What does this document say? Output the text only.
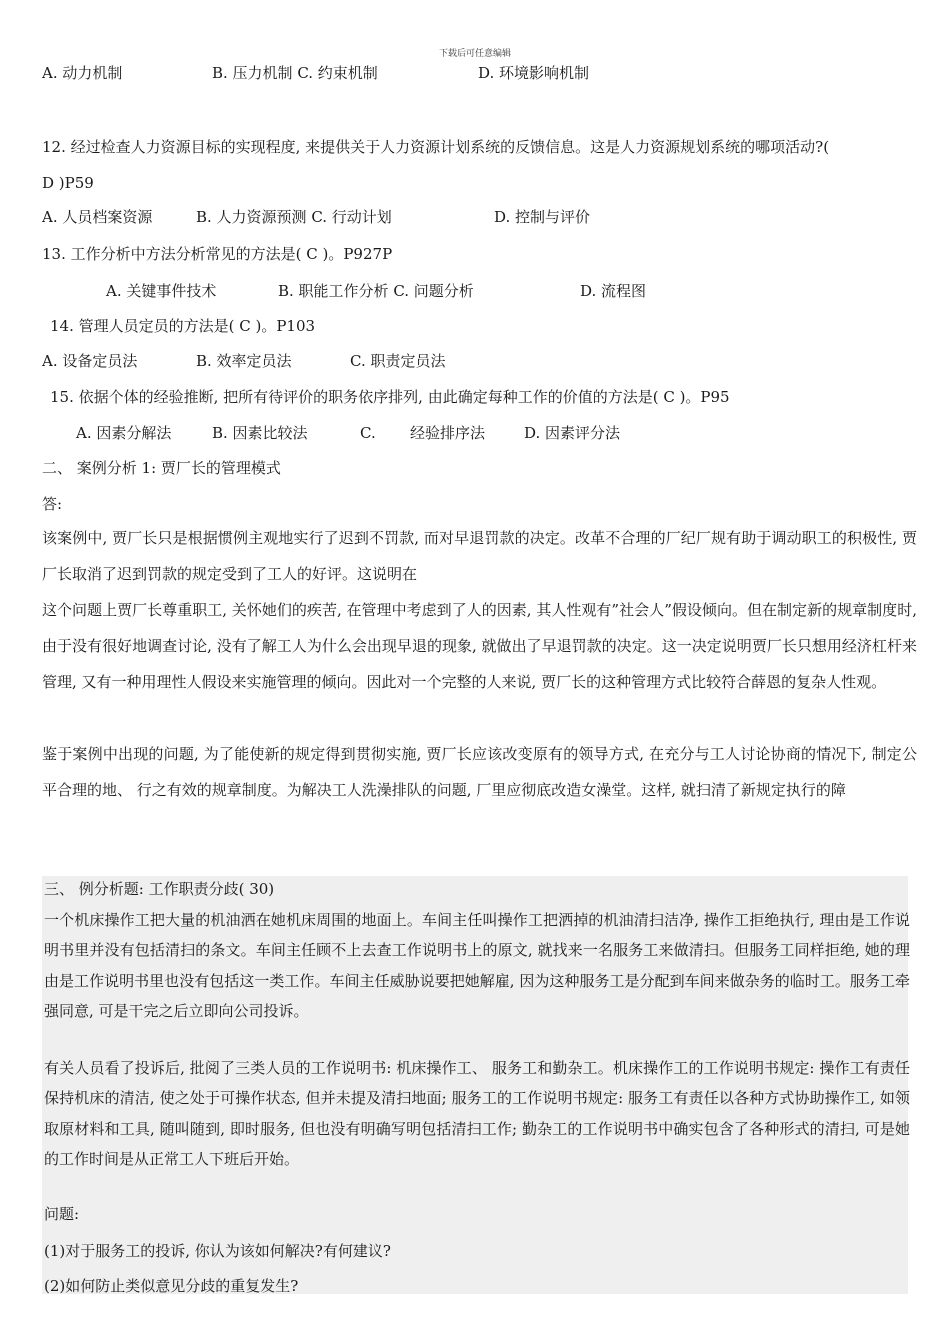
下载后可任意编辑
A. 动力机制	B. 压力机制 C. 约束机制	D. 环境影响机制
12. 经过检查人力资源目标的实现程度, 来提供关于人力资源计划系统的反馈信息。这是人力资源规划系统的哪项活动?(
D )P59
A. 人员档案资源	B. 人力资源预测 C. 行动计划	D. 控制与评价
13. 工作分析中方法分析常见的方法是( C )。P927P
A. 关键事件技术	B. 职能工作分析 C. 问题分析	D. 流程图
14. 管理人员定员的方法是( C )。P103
A. 设备定员法	B. 效率定员法	C. 职责定员法
15. 依据个体的经验推断, 把所有待评价的职务依序排列, 由此确定每种工作的价值的方法是( C )。P95
A. 因素分解法	B. 因素比较法	C. 经验排序法	D. 因素评分法
二、 案例分析 1: 贾厂长的管理模式
答:
该案例中, 贾厂长只是根据惯例主观地实行了迟到不罚款, 而对早退罚款的决定。改革不合理的厂纪厂规有助于调动职工的积极性, 贾厂长取消了迟到罚款的规定受到了工人的好评。这说明在
这个问题上贾厂长尊重职工, 关怀她们的疾苦, 在管理中考虑到了人的因素, 其人性观有”社会人”假设倾向。但在制定新的规章制度时, 由于没有很好地调查讨论, 没有了解工人为什么会出现早退的现象, 就做出了早退罚款的决定。这一决定说明贾厂长只想用经济杠杆来管理, 又有一种用理性人假设来实施管理的倾向。因此对一个完整的人来说, 贾厂长的这种管理方式比较符合薛恩的复杂人性观。
鉴于案例中出现的问题, 为了能使新的规定得到贯彻实施, 贾厂长应该改变原有的领导方式, 在充分与工人讨论协商的情况下, 制定公平合理的地、 行之有效的规章制度。为解决工人洗澡排队的问题, 厂里应彻底改造女澡堂。这样, 就扫清了新规定执行的障
三、 例分析题: 工作职责分歧( 30)
一个机床操作工把大量的机油洒在她机床周围的地面上。车间主任叫操作工把洒掉的机油清扫洁净, 操作工拒绝执行, 理由是工作说明书里并没有包括清扫的条文。车间主任顾不上去查工作说明书上的原文, 就找来一名服务工来做清扫。但服务工同样拒绝, 她的理由是工作说明书里也没有包括这一类工作。车间主任威胁说要把她解雇, 因为这种服务工是分配到车间来做杂务的临时工。服务工牵强同意, 可是干完之后立即向公司投诉。
有关人员看了投诉后, 批阅了三类人员的工作说明书: 机床操作工、 服务工和勤杂工。机床操作工的工作说明书规定: 操作工有责任保持机床的清洁, 使之处于可操作状态, 但并未提及清扫地面; 服务工的工作说明书规定: 服务工有责任以各种方式协助操作工, 如领取原材料和工具, 随叫随到, 即时服务, 但也没有明确写明包括清扫工作; 勤杂工的工作说明书中确实包含了各种形式的清扫, 可是她的工作时间是从正常工人下班后开始。
问题:
(1)对于服务工的投诉, 你认为该如何解决?有何建议?
(2)如何防止类似意见分歧的重复发生?
